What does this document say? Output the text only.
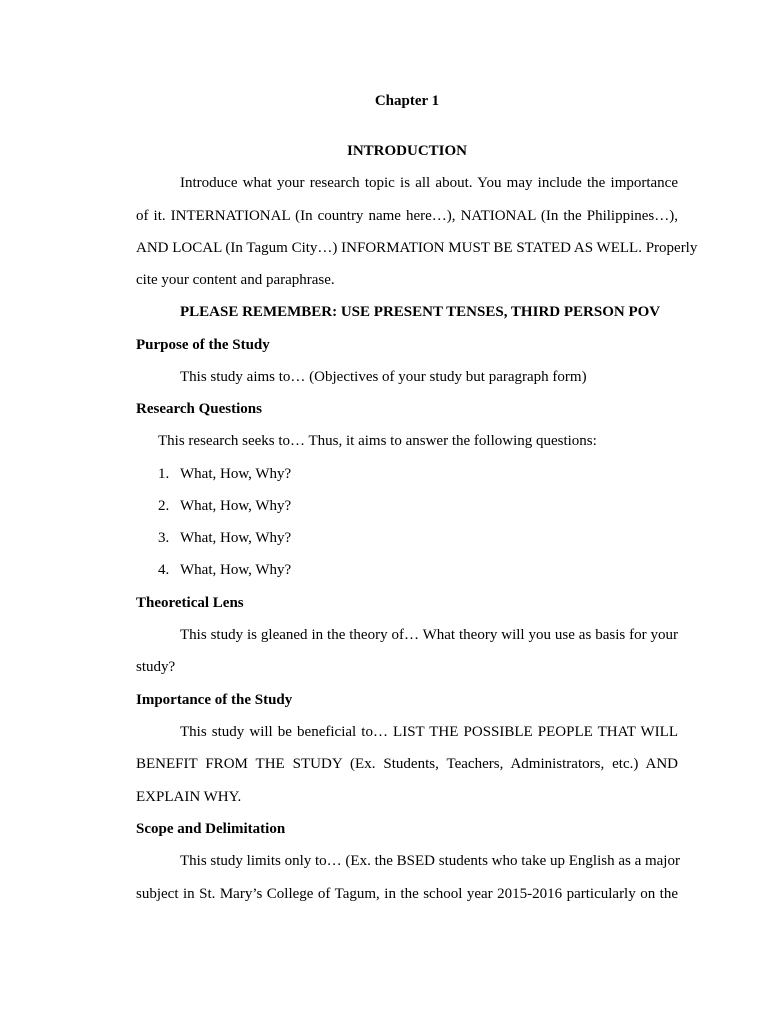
Chapter 1

INTRODUCTION

Introduce what your research topic is all about. You may include the importance

of it. INTERNATIONAL (In country name here…), NATIONAL (In the Philippines…),

AND LOCAL (In Tagum City…) INFORMATION MUST BE STATED AS WELL. Properly

cite your content and paraphrase.

PLEASE REMEMBER: USE PRESENT TENSES, THIRD PERSON POV

Purpose of the Study

This study aims to… (Objectives of your study but paragraph form)

Research Questions

This research seeks to… Thus, it aims to answer the following questions:

1. What, How, Why?
2. What, How, Why?
3. What, How, Why?
4. What, How, Why?

Theoretical Lens

This study is gleaned in the theory of… What theory will you use as basis for your

study?

Importance of the Study

This study will be beneficial to… LIST THE POSSIBLE PEOPLE THAT WILL

BENEFIT FROM THE STUDY (Ex. Students, Teachers, Administrators, etc.) AND

EXPLAIN WHY.

Scope and Delimitation

This study limits only to… (Ex. the BSED students who take up English as a major

subject in St. Mary’s College of Tagum, in the school year 2015-2016 particularly on the
